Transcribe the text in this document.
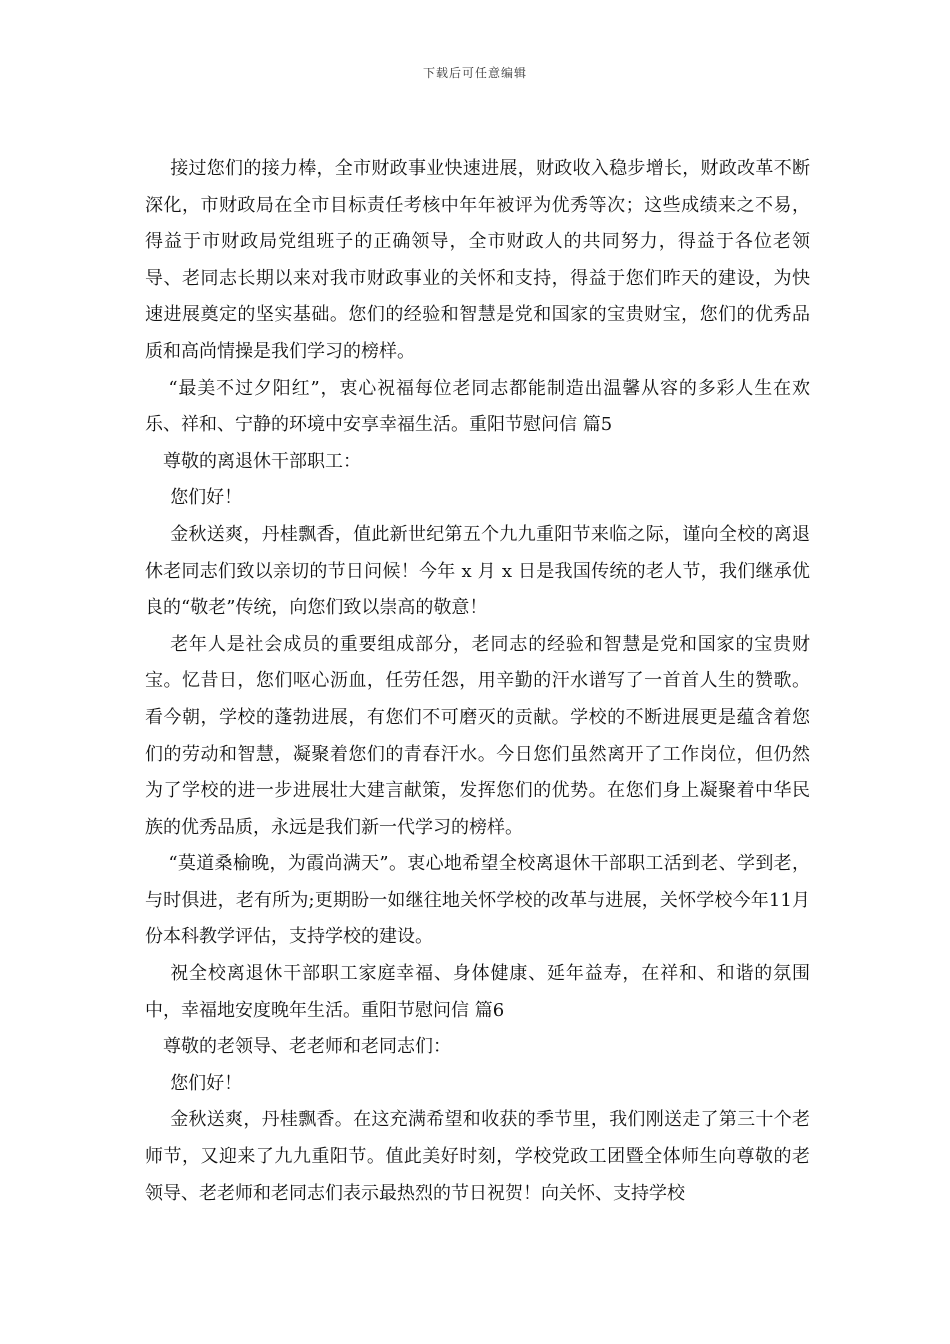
下载后可任意编辑

接过您们的接力棒，全市财政事业快速进展，财政收入稳步增长，财政改革不断深化，市财政局在全市目标责任考核中年年被评为优秀等次；这些成绩来之不易，得益于市财政局党组班子的正确领导，全市财政人的共同努力，得益于各位老领导、老同志长期以来对我市财政事业的关怀和支持，得益于您们昨天的建设，为快速进展奠定的坚实基础。您们的经验和智慧是党和国家的宝贵财宝，您们的优秀品质和高尚情操是我们学习的榜样。

“最美不过夕阳红”，衷心祝福每位老同志都能制造出温馨从容的多彩人生在欢乐、祥和、宁静的环境中安享幸福生活。重阳节慰问信 篇5

尊敬的离退休干部职工：

您们好！

金秋送爽，丹桂飘香，值此新世纪第五个九九重阳节来临之际，谨向全校的离退休老同志们致以亲切的节日问候！今年 x 月 x 日是我国传统的老人节，我们继承优良的“敬老”传统，向您们致以崇高的敬意！

老年人是社会成员的重要组成部分，老同志的经验和智慧是党和国家的宝贵财宝。忆昔日，您们呕心沥血，任劳任怨，用辛勤的汗水谱写了一首首人生的赞歌。看今朝，学校的蓬勃进展，有您们不可磨灭的贡献。学校的不断进展更是蕴含着您们的劳动和智慧，凝聚着您们的青春汗水。今日您们虽然离开了工作岗位，但仍然为了学校的进一步进展壮大建言献策，发挥您们的优势。在您们身上凝聚着中华民族的优秀品质，永远是我们新一代学习的榜样。

“莫道桑榆晚，为霞尚满天”。衷心地希望全校离退休干部职工活到老、学到老，与时俱进，老有所为;更期盼一如继往地关怀学校的改革与进展，关怀学校今年11月份本科教学评估，支持学校的建设。

祝全校离退休干部职工家庭幸福、身体健康、延年益寿，在祥和、和谐的氛围中，幸福地安度晚年生活。重阳节慰问信 篇6

尊敬的老领导、老老师和老同志们：

您们好！

金秋送爽，丹桂飘香。在这充满希望和收获的季节里，我们刚送走了第三十个老师节，又迎来了九九重阳节。值此美好时刻，学校党政工团暨全体师生向尊敬的老领导、老老师和老同志们表示最热烈的节日祝贺！向关怀、支持学校
